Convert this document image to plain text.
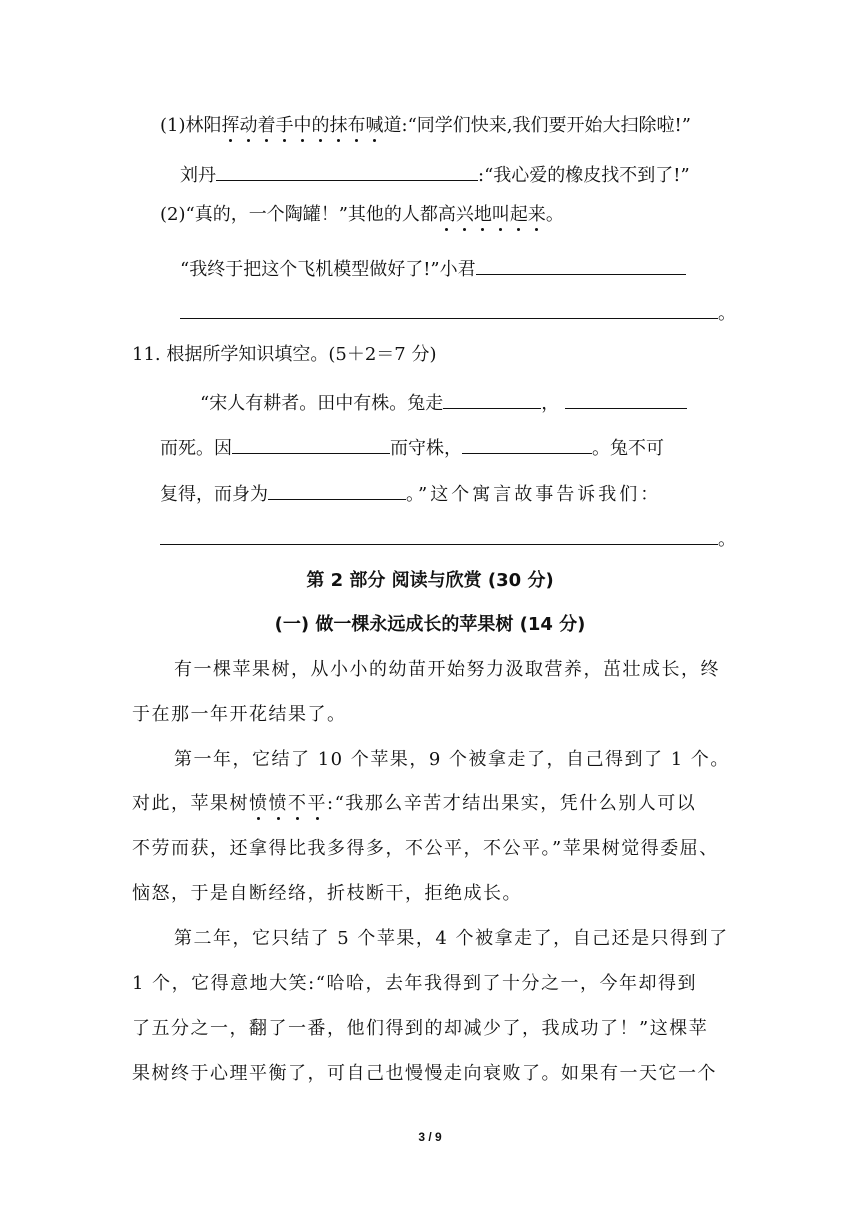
(1)林阳挥动着手中的抹布喊道:“同学们快来,我们要开始大扫除啦!”
刘丹	:“我心爱的橡皮找不到了!”
(2)“真的，一个陶罐！”其他的人都高兴地叫起来。
“我终于把这个飞机模型做好了!”小君
。
11. 根据所学知识填空。(5＋2＝7 分)
“宋人有耕者。田中有株。兔走	，
而死。因	而守株，	。兔不可
复得，而身为	。”这个寓言故事告诉我们：
。
第 2 部分 阅读与欣赏 (30 分)
(一) 做一棵永远成长的苹果树 (14 分)
有一棵苹果树，从小小的幼苗开始努力汲取营养，茁壮成长，终
于在那一年开花结果了。
第一年，它结了 10 个苹果，9 个被拿走了，自己得到了 1 个。
对此，苹果树愤愤不平:“我那么辛苦才结出果实，凭什么别人可以
不劳而获，还拿得比我多得多，不公平，不公平。”苹果树觉得委屈、
恼怒，于是自断经络，折枝断干，拒绝成长。
第二年，它只结了 5 个苹果，4 个被拿走了，自己还是只得到了
1 个，它得意地大笑:“哈哈，去年我得到了十分之一，今年却得到
了五分之一，翻了一番，他们得到的却减少了，我成功了！”这棵苹
果树终于心理平衡了，可自己也慢慢走向衰败了。如果有一天它一个
3 / 9
